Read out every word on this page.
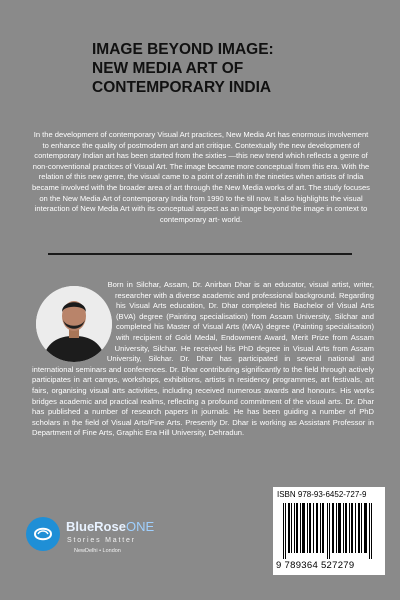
IMAGE BEYOND IMAGE:
NEW MEDIA ART OF
CONTEMPORARY INDIA
In the development of contemporary Visual Art practices, New Media Art has enormous involvement to enhance the quality of postmodern art and art critique. Contextually the new development of contemporary Indian art has been started from the sixties —this new trend which reflects a genre of non-conventional practices of Visual Art. The image became more conceptual from this era. With the relation of this new genre, the visual came to a point of zenith in the nineties when artists of India became involved with the broader area of art through the New Media works of art. The study focuses on the New Media Art of contemporary India from 1990 to the till now. It also highlights the visual interaction of New Media Art with its conceptual aspect as an image beyond the image in context to contemporary art- world.
Born in Silchar, Assam, Dr. Anirban Dhar is an educator, visual artist, writer, researcher with a diverse academic and professional background. Regarding his Visual Arts education, Dr. Dhar completed his Bachelor of Visual Arts (BVA) degree (Painting specialisation) from Assam University, Silchar and completed his Master of Visual Arts (MVA) degree (Painting specialisation) with recipient of Gold Medal, Endowment Award, Merit Prize from Assam University, Silchar. He received his PhD degree in Visual Arts from Assam University, Silchar. Dr. Dhar has participated in several national and international seminars and conferences. Dr. Dhar contributing significantly to the field through actively participates in art camps, workshops, exhibitions, artists in residency programmes, art festivals, art fairs, organising visual arts activities, including received numerous awards and honours. His works bridges academic and practical realms, reflecting a profound commitment of the visual arts. Dr. Dhar has published a number of research papers in journals. He has been guiding a number of PhD scholars in the field of Visual Arts/Fine Arts. Presently Dr. Dhar is working as Assistant Professor in Department of Fine Arts, Graphic Era Hill University, Dehradun.
BlueRoseONE
Stories Matter
NewDelhi • London
ISBN 978-93-6452-727-9
9 789364 527279
